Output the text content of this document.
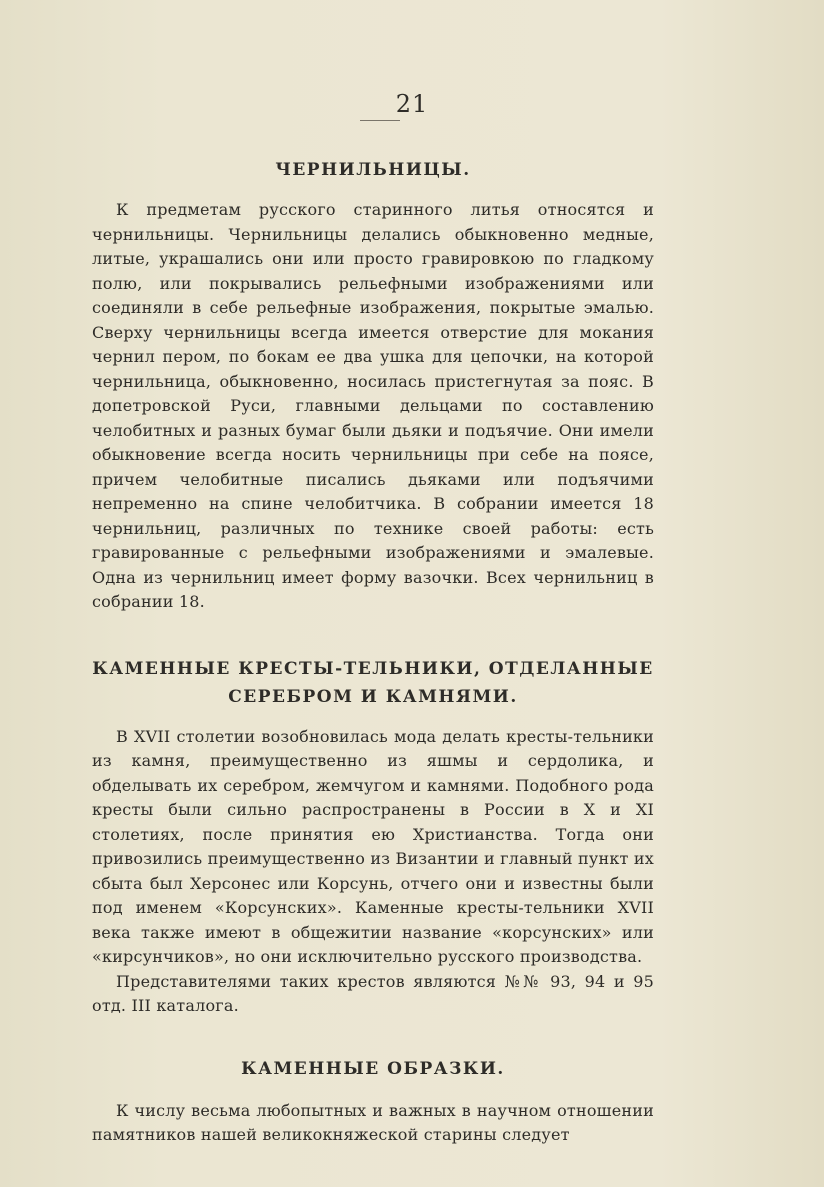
21
ЧЕРНИЛЬНИЦЫ.

К предметам русского старинного литья относятся и чернильницы. Чернильницы делались обыкновенно медные, литые, украшались они или просто гравировкою по гладкому полю, или покрывались рельефными изображениями или соединяли в себе рельефные изображения, покрытые эмалью. Сверху чернильницы всегда имеется отверстие для мокания чернил пером, по бокам ее два ушка для цепочки, на которой чернильница, обыкновенно, носилась пристегнутая за пояс. В допетровской Руси, главными дельцами по составлению челобитных и разных бумаг были дьяки и подъячие. Они имели обыкновение всегда носить чернильницы при себе на поясе, причем челобитные писались дьяками или подъячими непременно на спине челобитчика. В собрании имеется 18 чернильниц, различных по технике своей работы: есть гравированные с рельефными изображениями и эмалевые. Одна из чернильниц имеет форму вазочки. Всех чернильниц в собрании 18.

КАМЕННЫЕ КРЕСТЫ-ТЕЛЬНИКИ, ОТДЕЛАННЫЕ СЕРЕБРОМ И КАМНЯМИ.

В XVII столетии возобновилась мода делать кресты-тельники из камня, преимущественно из яшмы и сердолика, и обделывать их серебром, жемчугом и камнями. Подобного рода кресты были сильно распространены в России в X и XI столетиях, после принятия ею Христианства. Тогда они привозились преимущественно из Византии и главный пункт их сбыта был Херсонес или Корсунь, отчего они и известны были под именем «Корсунских». Каменные кресты-тельники XVII века также имеют в общежитии название «корсунских» или «кирсунчиков», но они исключительно русского производства.

Представителями таких крестов являются №№ 93, 94 и 95 отд. III каталога.

КАМЕННЫЕ ОБРАЗКИ.

К числу весьма любопытных и важных в научном отношении памятников нашей великокняжеской старины следует
